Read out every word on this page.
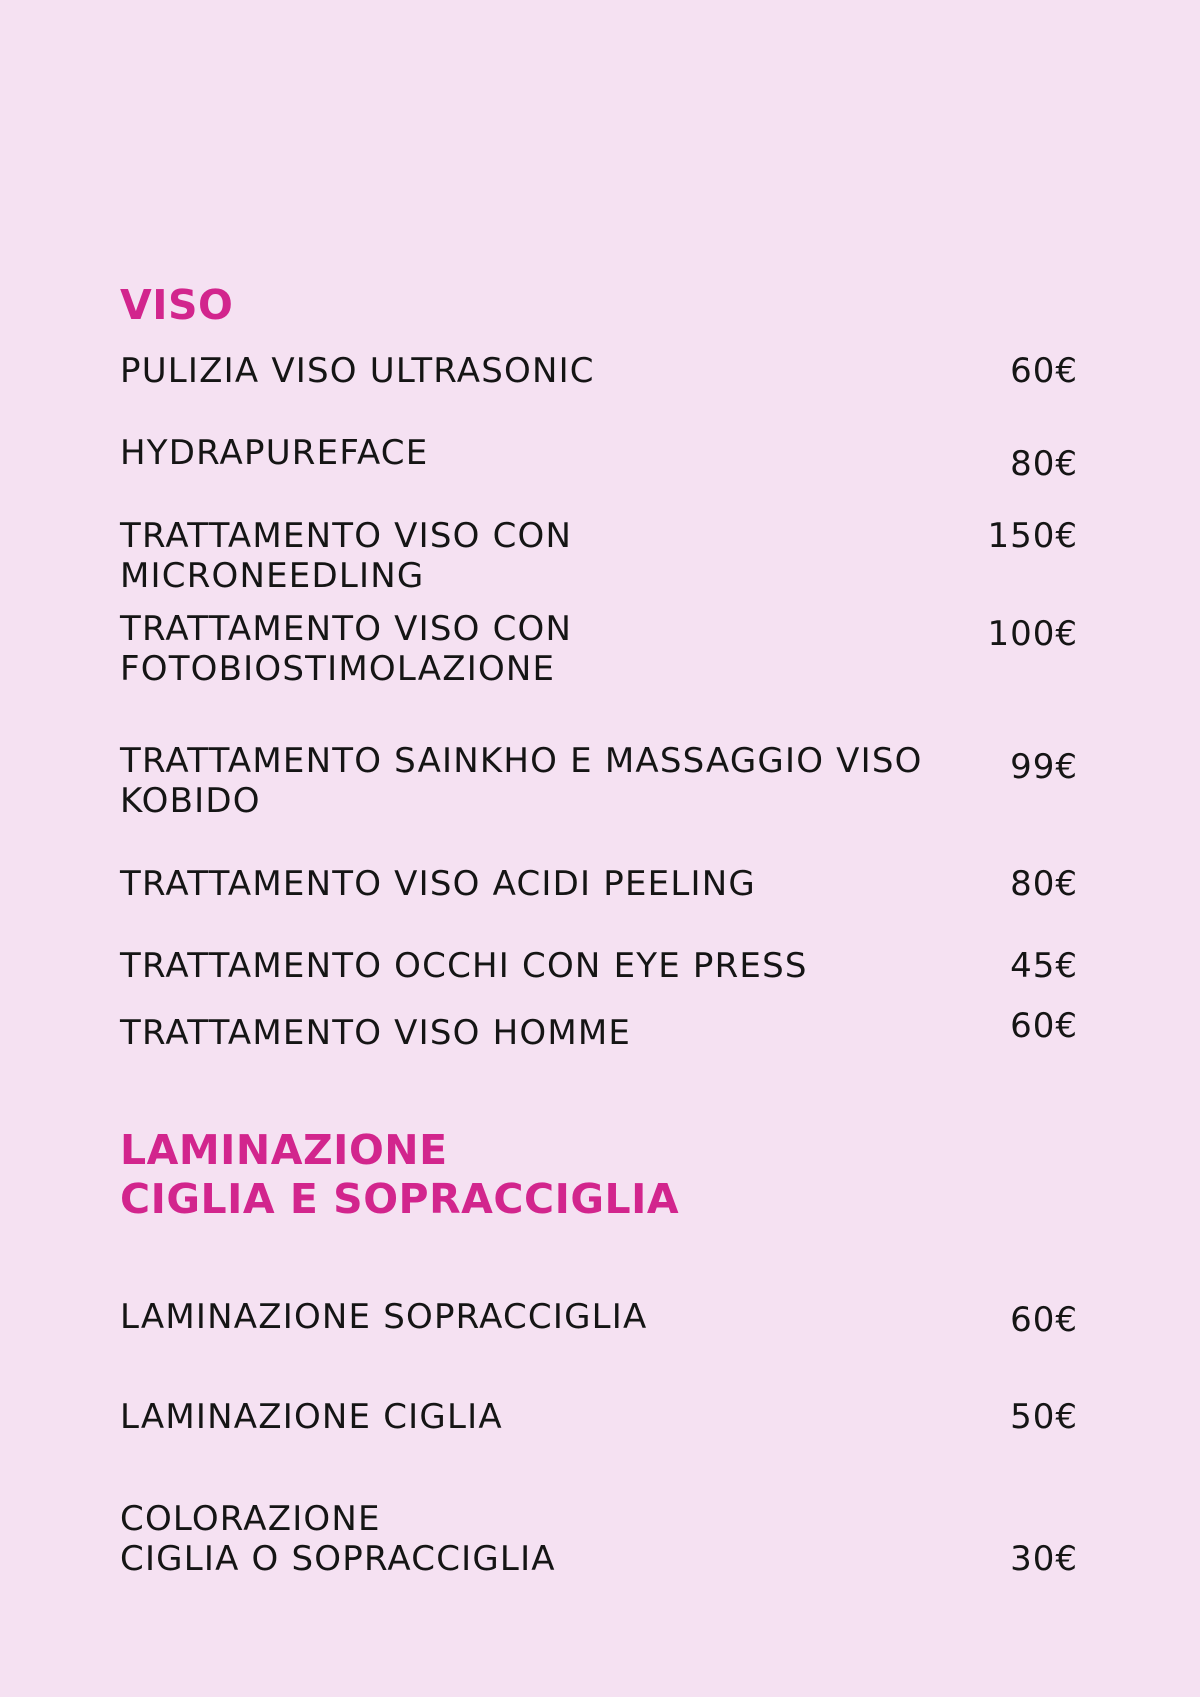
VISO
PULIZIA VISO ULTRASONIC	60€
HYDRAPUREFACE	80€
TRATTAMENTO VISO CON
MICRONEEDLING
150€
TRATTAMENTO VISO CON
FOTOBIOSTIMOLAZIONE
100€
TRATTAMENTO SAINKHO E MASSAGGIO VISO
KOBIDO
99€
TRATTAMENTO VISO ACIDI PEELING	80€
TRATTAMENTO OCCHI CON EYE PRESS	45€
TRATTAMENTO VISO HOMME	60€
LAMINAZIONE
CIGLIA E SOPRACCIGLIA
LAMINAZIONE SOPRACCIGLIA	60€
LAMINAZIONE CIGLIA	50€
COLORAZIONE
CIGLIA O SOPRACCIGLIA	30€
